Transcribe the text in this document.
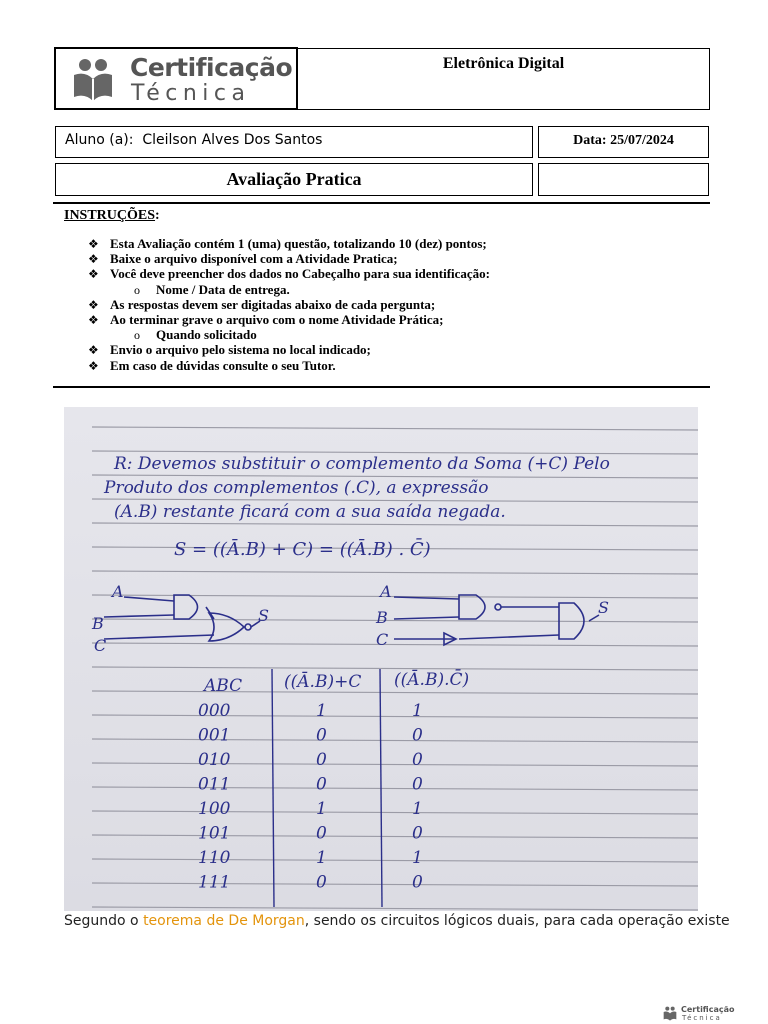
Certificação
Técnica
Eletrônica Digital
Aluno (a):  Cleilson Alves Dos Santos	Data: 25/07/2024
Avaliação Pratica
INSTRUÇÕES:
❖ Esta Avaliação contém 1 (uma) questão, totalizando 10 (dez) pontos;
❖ Baixe o arquivo disponível com a Atividade Pratica;
❖ Você deve preencher dos dados no Cabeçalho para sua identificação:
o Nome / Data de entrega.
❖ As respostas devem ser digitadas abaixo de cada pergunta;
❖ Ao terminar grave o arquivo com o nome Atividade Prática;
o Quando solicitado
❖ Envio o arquivo pelo sistema no local indicado;
❖ Em caso de dúvidas consulte o seu Tutor.
R: Devemos substituir o complemento da Soma (+C) Pelo
Produto dos complementos (.C), a expressão
(A.B) restante ficará com a sua saída negada.
S = ((Ā.B) + C) = ((Ā.B) . C̄)
A
B
C
S
A
B
C
S
ABC ((Ā.B)+C ((Ā.B).C̄)
000	1	1
001	0	0
010	0	0
011	0	0
100	1	1
101	0	0
110	1	1
111	0	0
Segundo o teorema de De Morgan, sendo os circuitos lógicos duais, para cada operação existe
Certificação
Técnica
